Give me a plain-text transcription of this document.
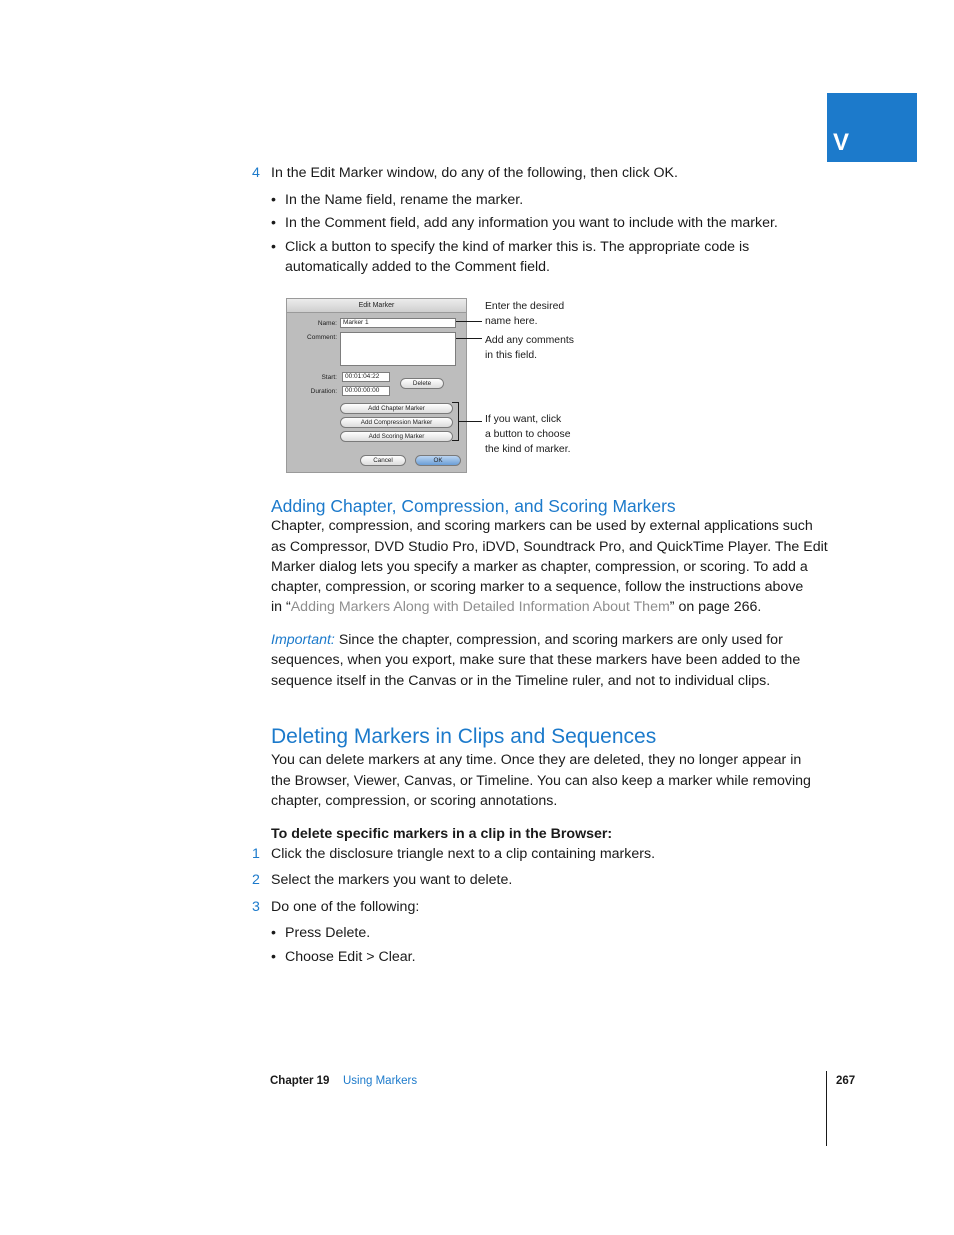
V
4 In the Edit Marker window, do any of the following, then click OK.

• In the Name field, rename the marker.

• In the Comment field, add any information you want to include with the marker.

• Click a button to specify the kind of marker this is. The appropriate code is

automatically added to the Comment field.

Edit Marker
Name: Marker 1
Comment:
Start:	00:01:04:22
Duration:	00:00:00:00
Delete
Add Chapter Marker
Add Compression Marker
Add Scoring Marker
Cancel	OK
Enter the desired
name here.
Add any comments
in this field.
If you want, click
a button to choose
the kind of marker.
Adding Chapter, Compression, and Scoring Markers

Chapter, compression, and scoring markers can be used by external applications such

as Compressor, DVD Studio Pro, iDVD, Soundtrack Pro, and QuickTime Player. The Edit

Marker dialog lets you specify a marker as chapter, compression, or scoring. To add a

chapter, compression, or scoring marker to a sequence, follow the instructions above

in “Adding Markers Along with Detailed Information About Them” on page 266.

Important: Since the chapter, compression, and scoring markers are only used for

sequences, when you export, make sure that these markers have been added to the

sequence itself in the Canvas or in the Timeline ruler, and not to individual clips.

Deleting Markers in Clips and Sequences

You can delete markers at any time. Once they are deleted, they no longer appear in

the Browser, Viewer, Canvas, or Timeline. You can also keep a marker while removing

chapter, compression, or scoring annotations.

To delete specific markers in a clip in the Browser:

1 Click the disclosure triangle next to a clip containing markers.

2 Select the markers you want to delete.

3 Do one of the following:

• Press Delete.

• Choose Edit > Clear.

Chapter 19 Using Markers	267
